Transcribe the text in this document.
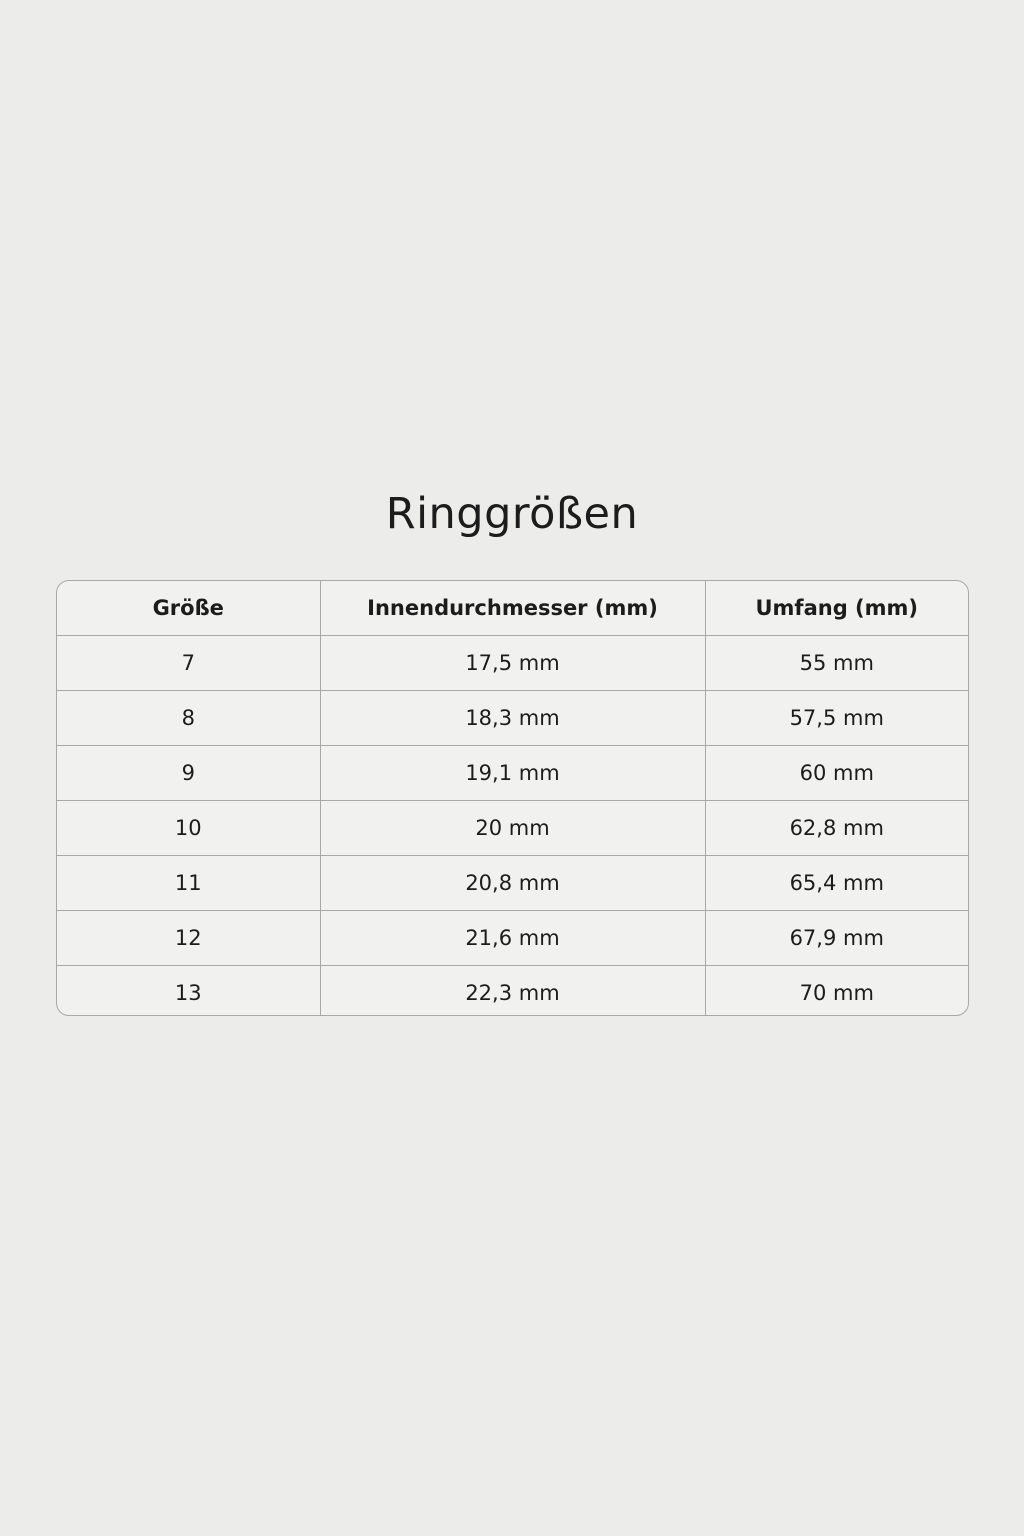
Ringgrößen
Größe	Innendurchmesser (mm)	Umfang (mm)
7	17,5 mm	55 mm
8	18,3 mm	57,5 mm
9	19,1 mm	60 mm
10	20 mm	62,8 mm
11	20,8 mm	65,4 mm
12	21,6 mm	67,9 mm
13	22,3 mm	70 mm
